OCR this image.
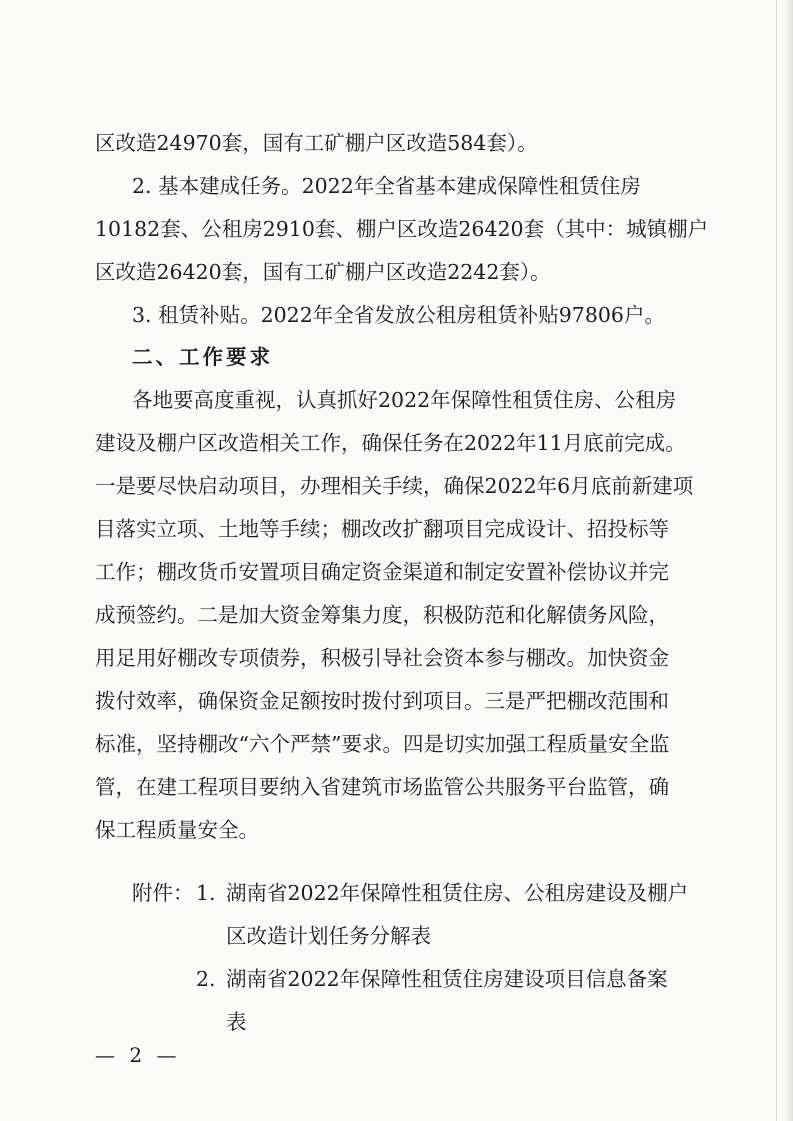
区改造24970套，国有工矿棚户区改造584套）。
2. 基本建成任务。2022年全省基本建成保障性租赁住房
10182套、公租房2910套、棚户区改造26420套（其中：城镇棚户
区改造26420套，国有工矿棚户区改造2242套）。
3. 租赁补贴。2022年全省发放公租房租赁补贴97806户。
二、工作要求
各地要高度重视，认真抓好2022年保障性租赁住房、公租房
建设及棚户区改造相关工作，确保任务在2022年11月底前完成。
一是要尽快启动项目，办理相关手续，确保2022年6月底前新建项
目落实立项、土地等手续；棚改改扩翻项目完成设计、招投标等
工作；棚改货币安置项目确定资金渠道和制定安置补偿协议并完
成预签约。二是加大资金筹集力度，积极防范和化解债务风险，
用足用好棚改专项债券，积极引导社会资本参与棚改。加快资金
拨付效率，确保资金足额按时拨付到项目。三是严把棚改范围和
标准，坚持棚改“六个严禁”要求。四是切实加强工程质量安全监
管，在建工程项目要纳入省建筑市场监管公共服务平台监管，确
保工程质量安全。
附件： 1. 湖南省2022年保障性租赁住房、公租房建设及棚户
区改造计划任务分解表
2. 湖南省2022年保障性租赁住房建设项目信息备案
表
— 2 —
